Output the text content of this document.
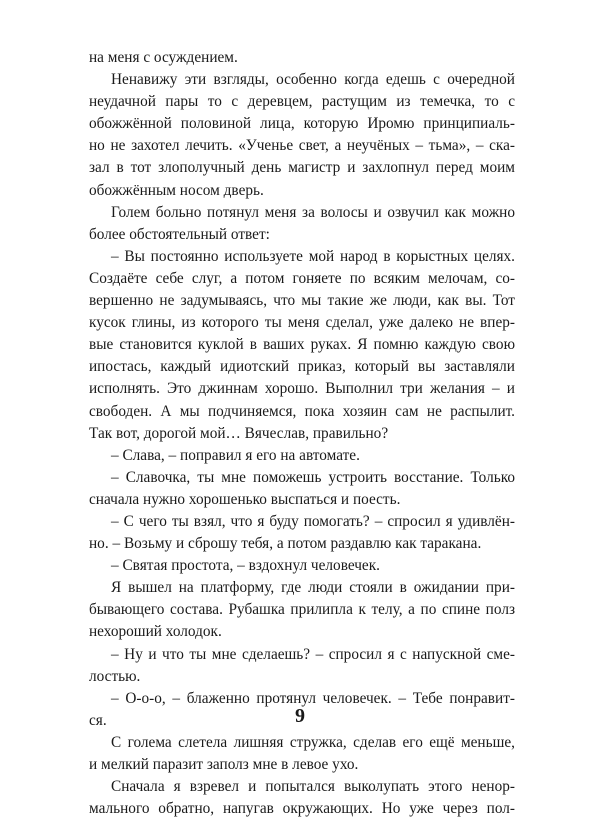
на меня с осуждением.
Ненавижу эти взгляды, особенно когда едешь с очередной
неудачной пары то с деревцем, растущим из темечка, то с
обожжённой половиной лица, которую Иромю принципиаль-
но не захотел лечить. «Ученье свет, а неучёных – тьма», – ска-
зал в тот злополучный день магистр и захлопнул перед моим
обожжённым носом дверь.
Голем больно потянул меня за волосы и озвучил как можно
более обстоятельный ответ:
– Вы постоянно используете мой народ в корыстных целях.
Создаёте себе слуг, а потом гоняете по всяким мелочам, со-
вершенно не задумываясь, что мы такие же люди, как вы. Тот
кусок глины, из которого ты меня сделал, уже далеко не впер-
вые становится куклой в ваших руках. Я помню каждую свою
ипостась, каждый идиотский приказ, который вы заставляли
исполнять. Это джиннам хорошо. Выполнил три желания – и
свободен. А мы подчиняемся, пока хозяин сам не распылит.
Так вот, дорогой мой… Вячеслав, правильно?
– Слава, – поправил я его на автомате.
– Славочка, ты мне поможешь устроить восстание. Только
сначала нужно хорошенько выспаться и поесть.
– С чего ты взял, что я буду помогать? – спросил я удивлён-
но. – Возьму и сброшу тебя, а потом раздавлю как таракана.
– Святая простота, – вздохнул человечек.
Я вышел на платформу, где люди стояли в ожидании при-
бывающего состава. Рубашка прилипла к телу, а по спине полз
нехороший холодок.
– Ну и что ты мне сделаешь? – спросил я с напускной сме-
лостью.
– О-о-о, – блаженно протянул человечек. – Тебе понравит-
ся.
С голема слетела лишняя стружка, сделав его ещё меньше,
и мелкий паразит заполз мне в левое ухо.
Сначала я взревел и попытался выколупать этого ненор-
мального обратно, напугав окружающих. Но уже через пол-
9
